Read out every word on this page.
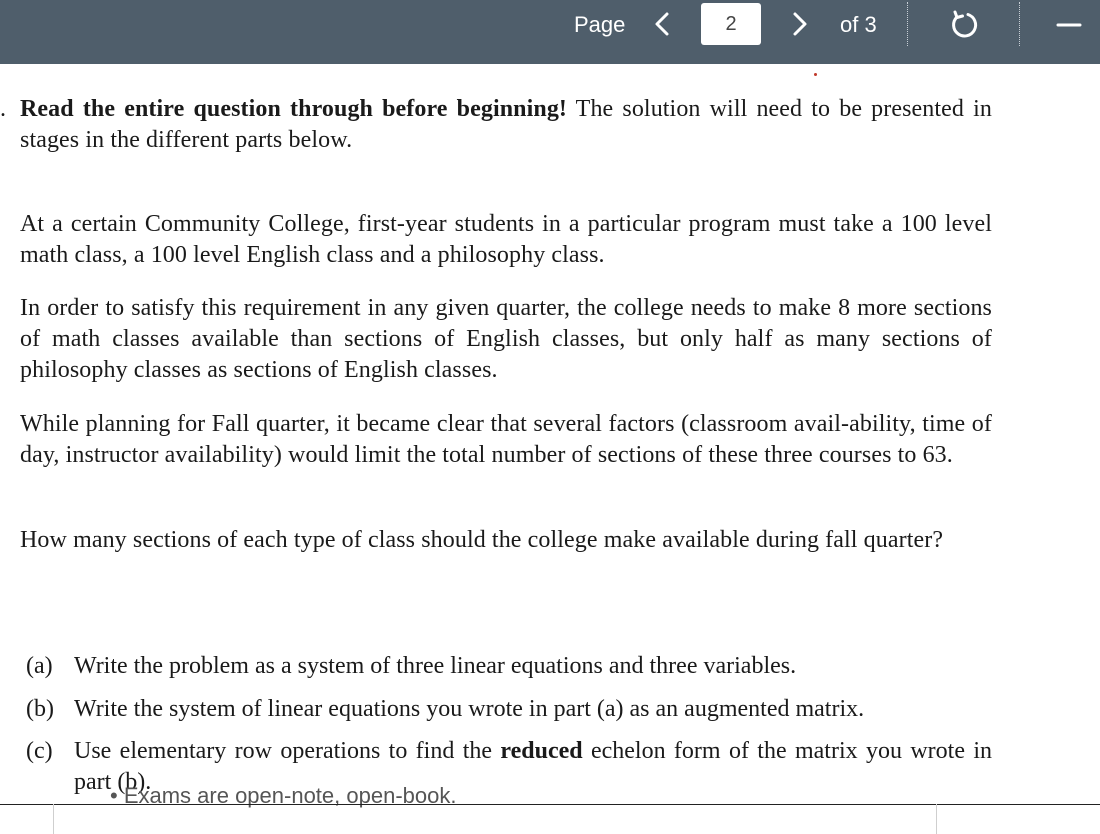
Page
2	of 3
. Read the entire question through before beginning! The solution will need to be presented in stages in the different parts below.

At a certain Community College, first-year students in a particular program must take a 100 level math class, a 100 level English class and a philosophy class.

In order to satisfy this requirement in any given quarter, the college needs to make 8 more sections of math classes available than sections of English classes, but only half as many sections of philosophy classes as sections of English classes.

While planning for Fall quarter, it became clear that several factors (classroom avail-ability, time of day, instructor availability) would limit the total number of sections of these three courses to 63.

How many sections of each type of class should the college make available during fall quarter?

(a) Write the problem as a system of three linear equations and three variables.
(b) Write the system of linear equations you wrote in part (a) as an augmented matrix.
(c) Use elementary row operations to find the reduced echelon form of the matrix you wrote in part (b).
• Exams are open-note, open-book.
